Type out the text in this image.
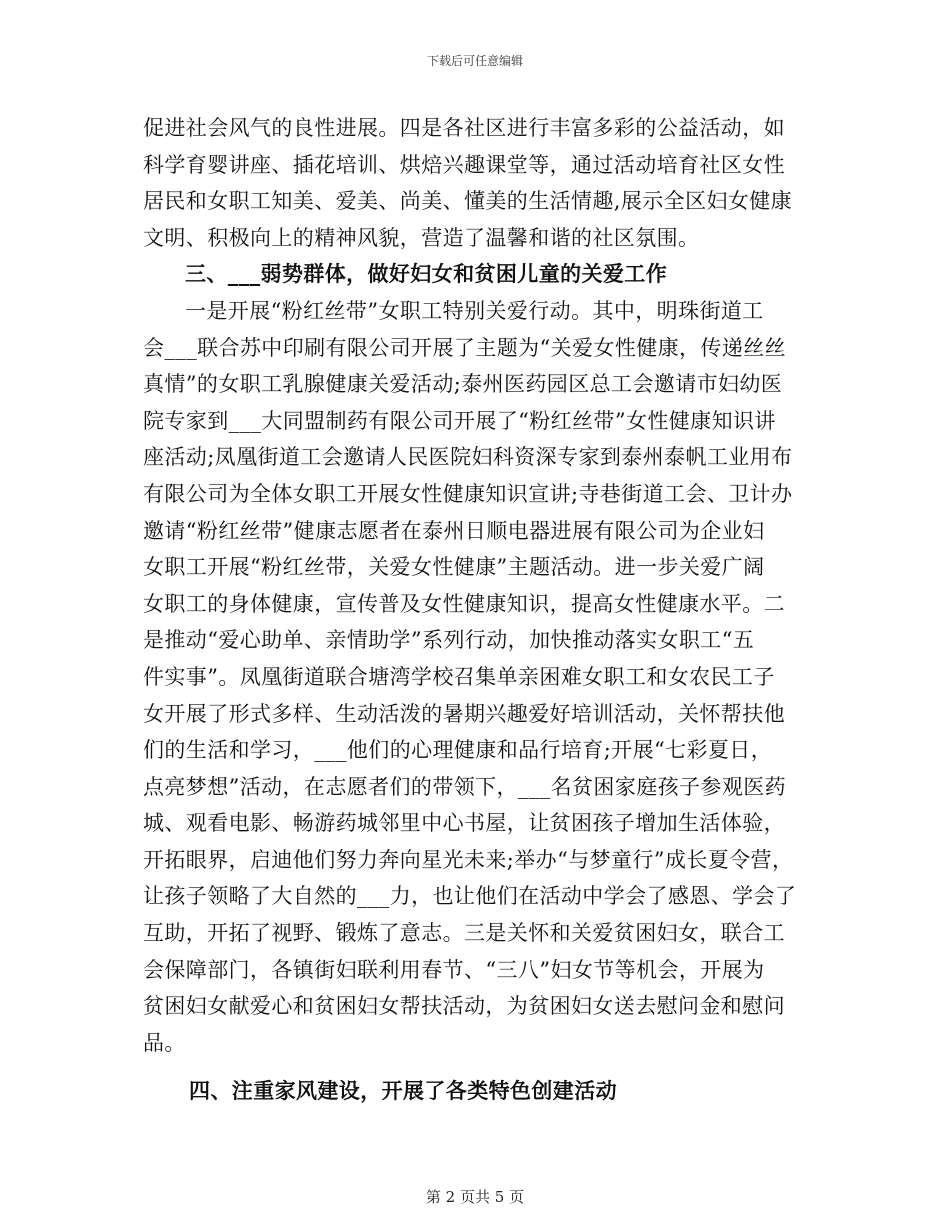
下载后可任意编辑
促进社会风气的良性进展。四是各社区进行丰富多彩的公益活动，如
科学育婴讲座、插花培训、烘焙兴趣课堂等，通过活动培育社区女性
居民和女职工知美、爱美、尚美、懂美的生活情趣,展示全区妇女健康
文明、积极向上的精神风貌，营造了温馨和谐的社区氛围。
三、___弱势群体，做好妇女和贫困儿童的关爱工作
一是开展“粉红丝带”女职工特别关爱行动。其中，明珠街道工
会___联合苏中印刷有限公司开展了主题为“关爱女性健康，传递丝丝
真情”的女职工乳腺健康关爱活动;泰州医药园区总工会邀请市妇幼医
院专家到___大同盟制药有限公司开展了“粉红丝带”女性健康知识讲
座活动;凤凰街道工会邀请人民医院妇科资深专家到泰州泰帆工业用布
有限公司为全体女职工开展女性健康知识宣讲;寺巷街道工会、卫计办
邀请“粉红丝带”健康志愿者在泰州日顺电器进展有限公司为企业妇
女职工开展“粉红丝带，关爱女性健康”主题活动。进一步关爱广阔
女职工的身体健康，宣传普及女性健康知识，提高女性健康水平。二
是推动“爱心助单、亲情助学”系列行动，加快推动落实女职工“五
件实事”。凤凰街道联合塘湾学校召集单亲困难女职工和女农民工子
女开展了形式多样、生动活泼的暑期兴趣爱好培训活动，关怀帮扶他
们的生活和学习，___他们的心理健康和品行培育;开展“七彩夏日，
点亮梦想”活动，在志愿者们的带领下，___名贫困家庭孩子参观医药
城、观看电影、畅游药城邻里中心书屋，让贫困孩子增加生活体验，
开拓眼界，启迪他们努力奔向星光未来;举办“与梦童行”成长夏令营，
让孩子领略了大自然的___力，也让他们在活动中学会了感恩、学会了
互助，开拓了视野、锻炼了意志。三是关怀和关爱贫困妇女，联合工
会保障部门，各镇街妇联利用春节、“三八”妇女节等机会，开展为
贫困妇女献爱心和贫困妇女帮扶活动，为贫困妇女送去慰问金和慰问
品。
四、注重家风建设，开展了各类特色创建活动
第 2 页共 5 页
